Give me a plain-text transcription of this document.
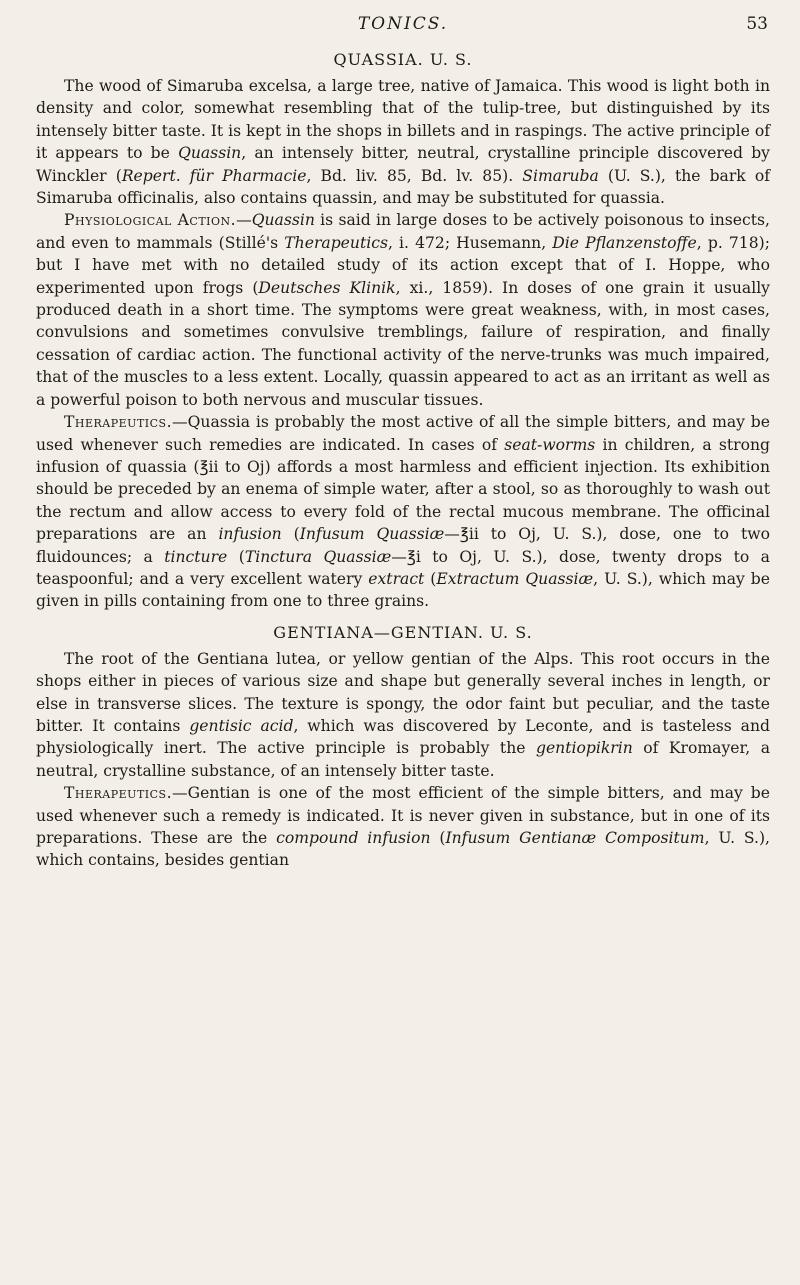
TONICS.	53
QUASSIA. U. S.

The wood of Simaruba excelsa, a large tree, native of Jamaica. This wood is light both in density and color, somewhat resembling that of the tulip-tree, but distinguished by its intensely bitter taste. It is kept in the shops in billets and in raspings. The active principle of it appears to be Quassin, an intensely bitter, neutral, crystalline principle discovered by Winckler (Repert. für Pharmacie, Bd. liv. 85, Bd. lv. 85). Simaruba (U. S.), the bark of Simaruba officinalis, also contains quassin, and may be substituted for quassia.

Physiological Action.—Quassin is said in large doses to be actively poisonous to insects, and even to mammals (Stillé's Therapeutics, i. 472; Husemann, Die Pflanzenstoffe, p. 718); but I have met with no detailed study of its action except that of I. Hoppe, who experimented upon frogs (Deutsches Klinik, xi., 1859). In doses of one grain it usually produced death in a short time. The symptoms were great weakness, with, in most cases, convulsions and sometimes convulsive tremblings, failure of respiration, and finally cessation of cardiac action. The functional activity of the nerve-trunks was much impaired, that of the muscles to a less extent. Locally, quassin appeared to act as an irritant as well as a powerful poison to both nervous and muscular tissues.

Therapeutics.—Quassia is probably the most active of all the simple bitters, and may be used whenever such remedies are indicated. In cases of seat-worms in children, a strong infusion of quassia (℥ii to Oj) affords a most harmless and efficient injection. Its exhibition should be preceded by an enema of simple water, after a stool, so as thoroughly to wash out the rectum and allow access to every fold of the rectal mucous membrane. The officinal preparations are an infusion (Infusum Quassiæ—℥ii to Oj, U. S.), dose, one to two fluidounces; a tincture (Tinctura Quassiæ—℥i to Oj, U. S.), dose, twenty drops to a teaspoonful; and a very excellent watery extract (Extractum Quassiæ, U. S.), which may be given in pills containing from one to three grains.

GENTIANA—GENTIAN. U. S.

The root of the Gentiana lutea, or yellow gentian of the Alps. This root occurs in the shops either in pieces of various size and shape but generally several inches in length, or else in transverse slices. The texture is spongy, the odor faint but peculiar, and the taste bitter. It contains gentisic acid, which was discovered by Leconte, and is tasteless and physiologically inert. The active principle is probably the gentiopikrin of Kromayer, a neutral, crystalline substance, of an intensely bitter taste.

Therapeutics.—Gentian is one of the most efficient of the simple bitters, and may be used whenever such a remedy is indicated. It is never given in substance, but in one of its preparations. These are the compound infusion (Infusum Gentianæ Compositum, U. S.), which contains, besides gentian
